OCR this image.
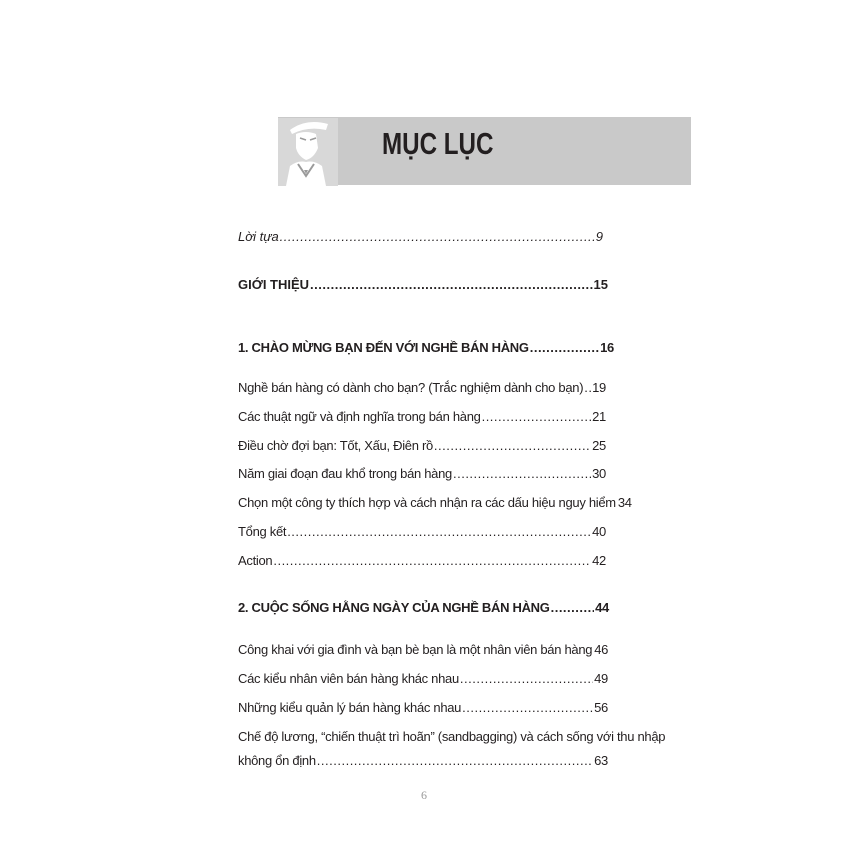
MỤC LỤC
Lời tựa .....	9
GIỚI THIỆU .....	15
1. CHÀO MỪNG BẠN ĐẾN VỚI NGHỀ BÁN HÀNG .....	16
Nghề bán hàng có dành cho bạn? (Trắc nghiệm dành cho bạn) ..... 19
Các thuật ngữ và định nghĩa trong bán hàng .....	21
Điều chờ đợi bạn: Tốt, Xấu, Điên rồ .....	25
Năm giai đoạn đau khổ trong bán hàng .....	30
Chọn một công ty thích hợp và cách nhận ra các dấu hiệu nguy hiểm 34
Tổng kết .....	40
Action .....	42
2. CUỘC SỐNG HẰNG NGÀY CỦA NGHỀ BÁN HÀNG .....	44
Công khai với gia đình và bạn bè bạn là một nhân viên bán hàng 46
Các kiểu nhân viên bán hàng khác nhau .....	49
Những kiểu quản lý bán hàng khác nhau .....	56
Chế độ lương, “chiến thuật trì hoãn” (sandbagging) và cách sống với thu nhập
không ổn định .....	63
6
